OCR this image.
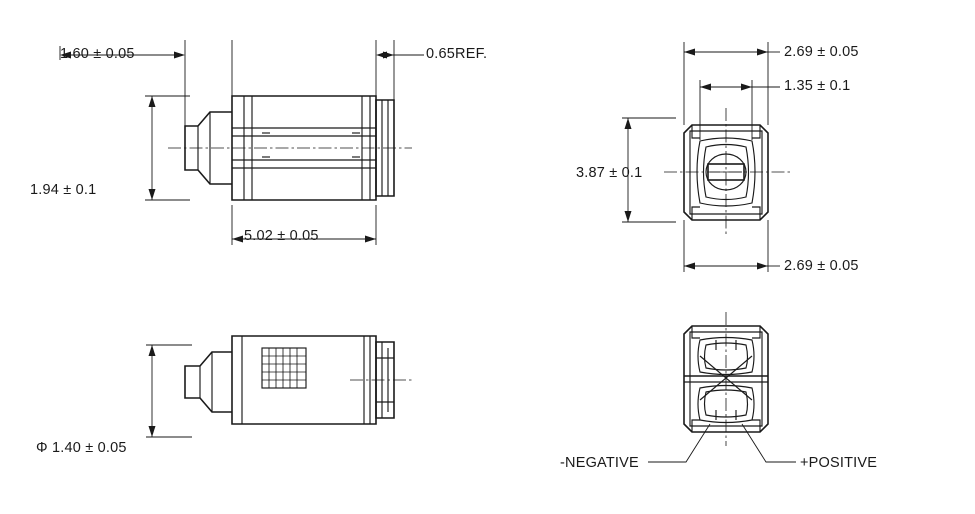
1.60 ± 0.05	0.65REF.
1.94 ± 0.1
5.02 ± 0.05
2.69 ± 0.05
1.35 ± 0.1
3.87 ± 0.1
2.69 ± 0.05
Φ 1.40 ± 0.05
-NEGATIVE	+POSITIVE
